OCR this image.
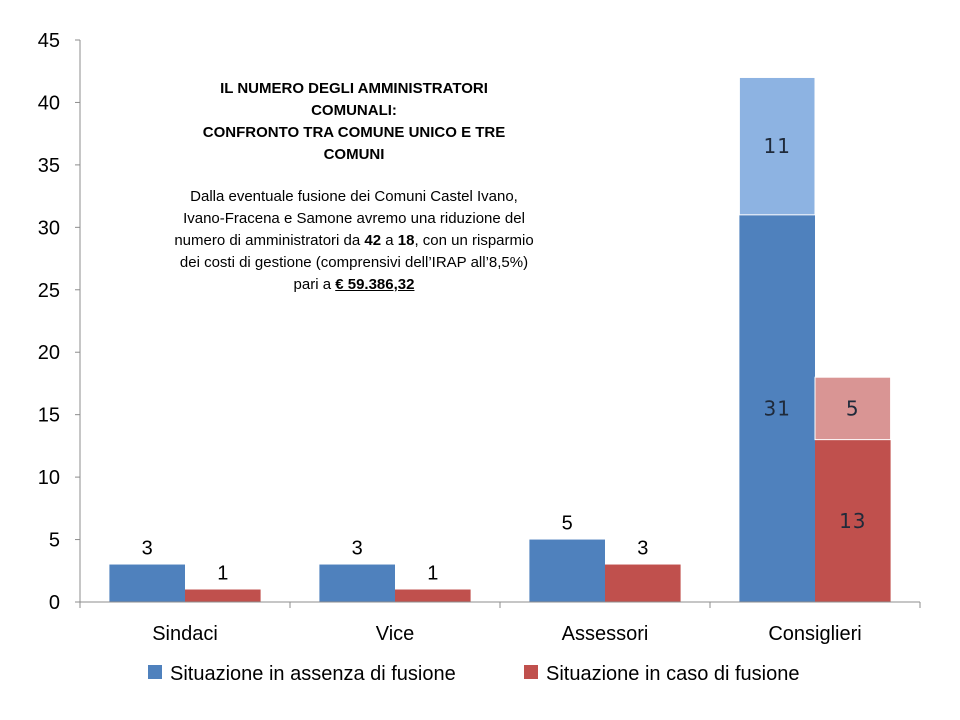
0
5
10
15
20
25
30
35
40
45
3
1
3
1
5
3
31
11
13
5
Sindaci	Vice	Assessori	Consiglieri
Situazione in assenza di fusione	Situazione in caso di fusione
IL NUMERO DEGLI AMMINISTRATORI
COMUNALI:
CONFRONTO TRA COMUNE UNICO E TRE
COMUNI
Dalla eventuale fusione dei Comuni Castel Ivano, Ivano-Fracena e Samone avremo una riduzione del numero di amministratori da 42 a 18, con un risparmio dei costi di gestione (comprensivi dell’IRAP all’8,5%) pari a € 59.386,32
